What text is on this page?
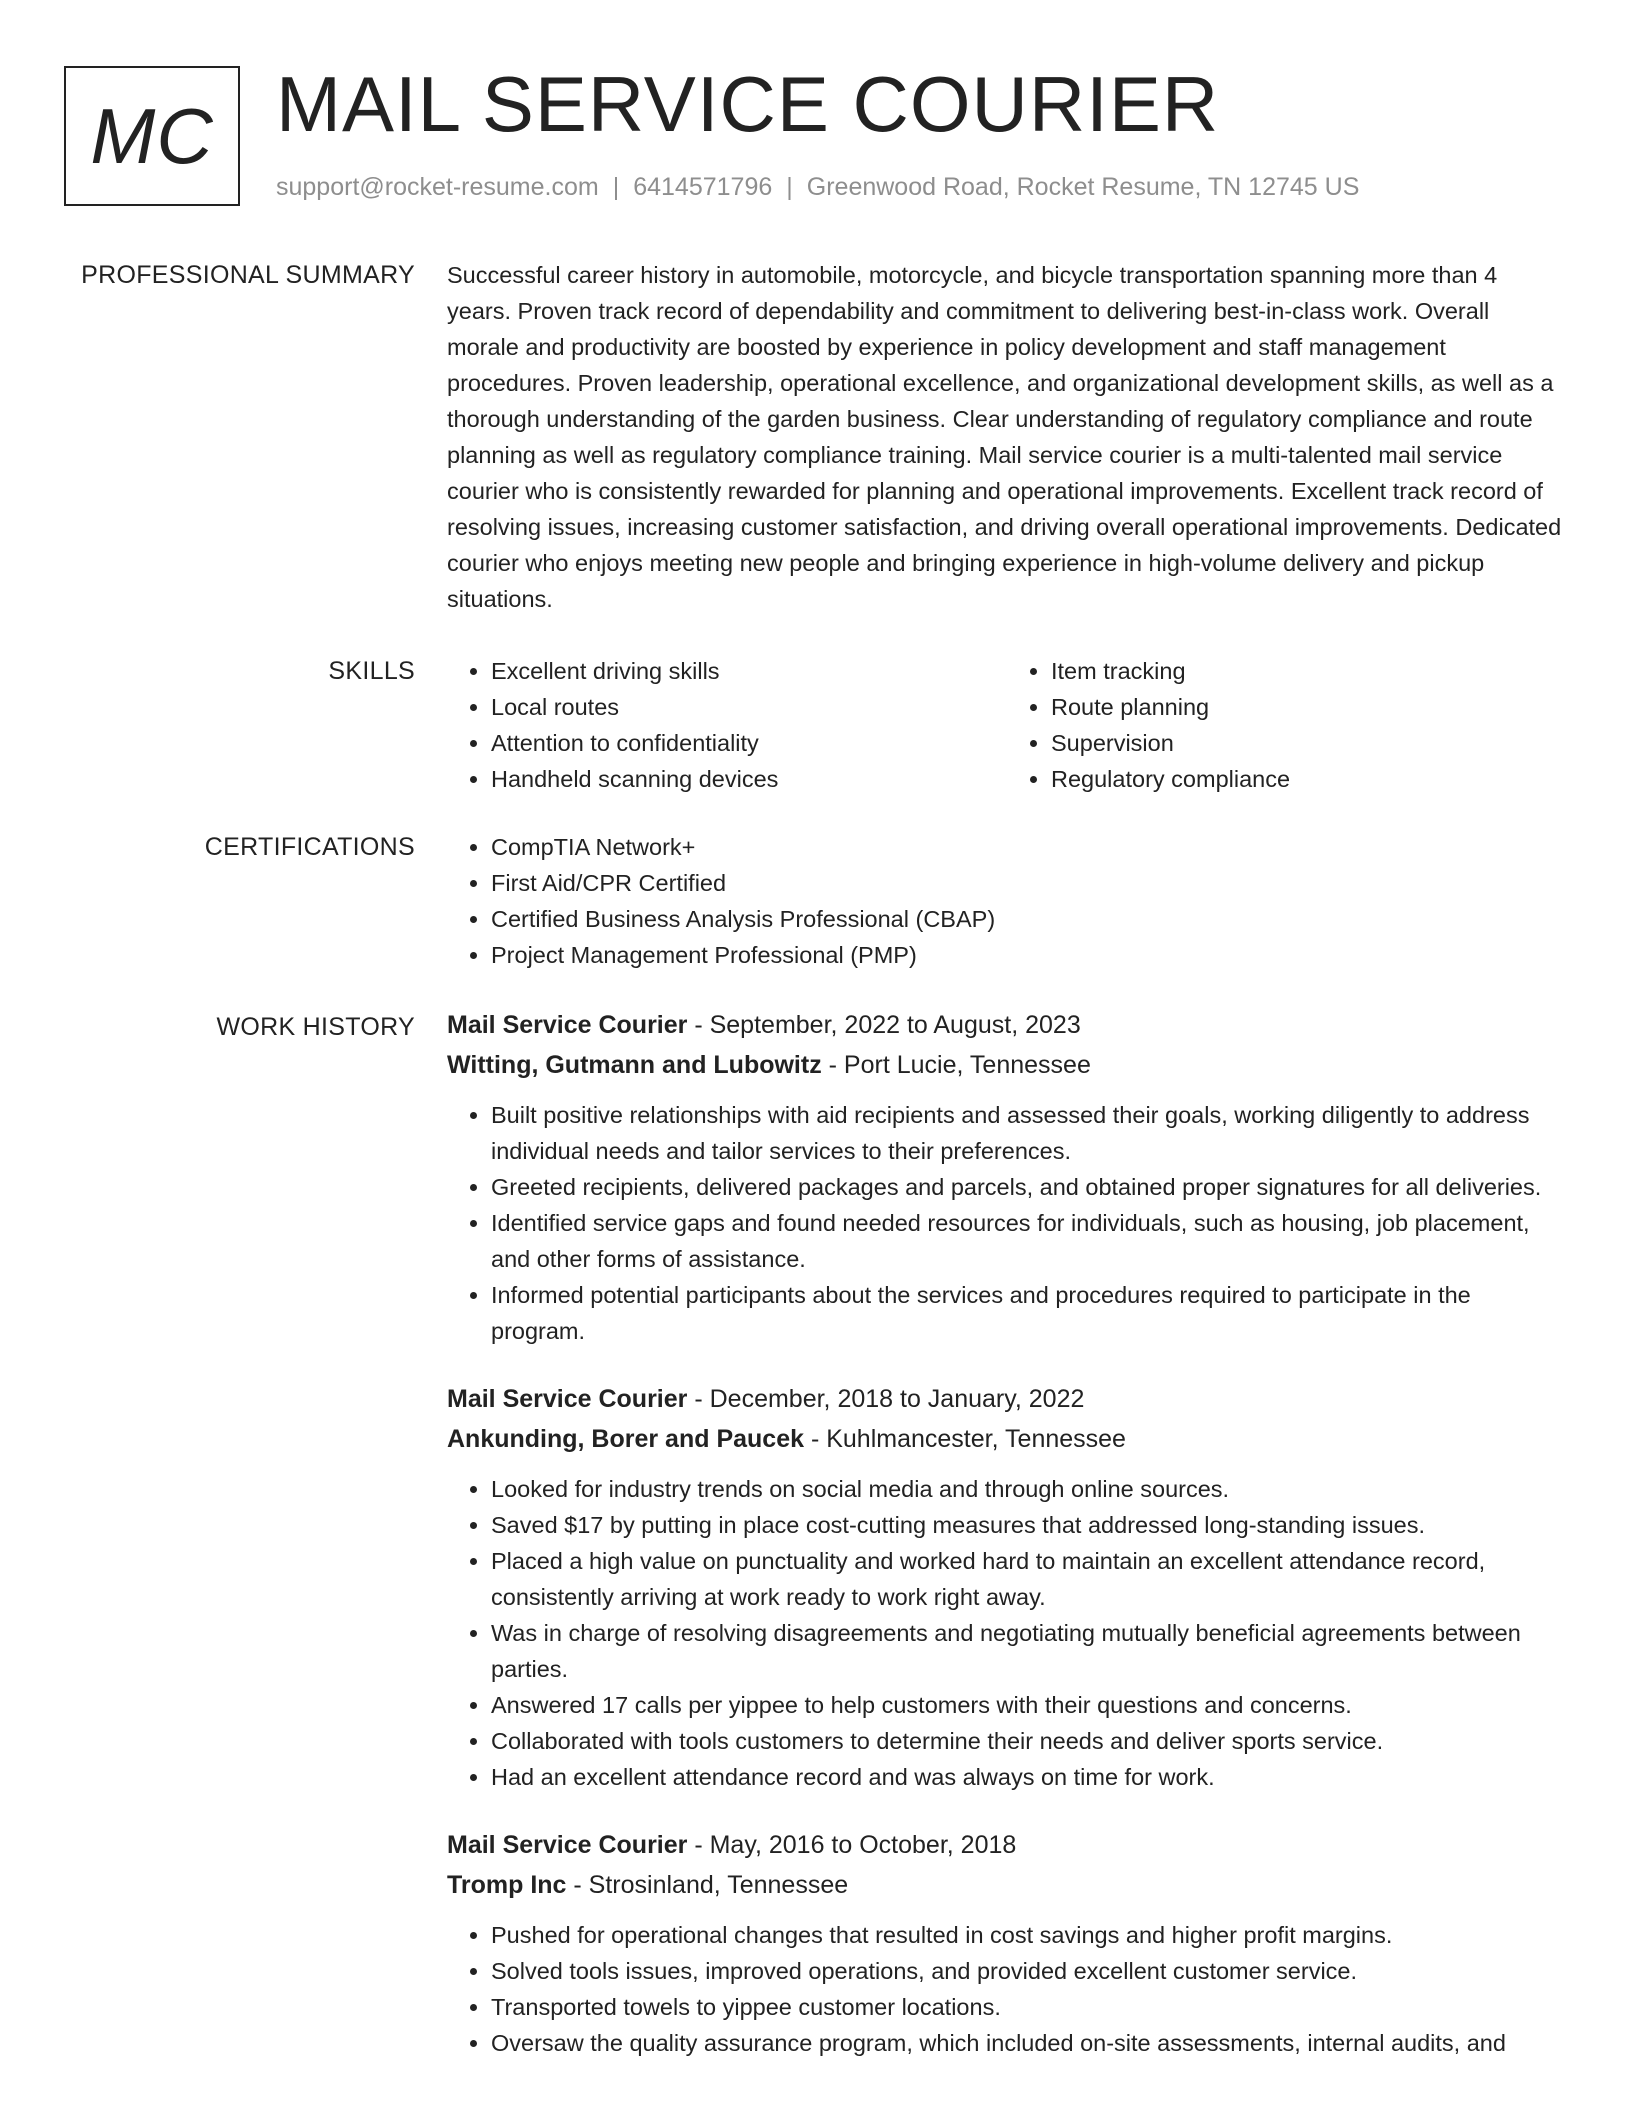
MC MAIL SERVICE COURIER
support@rocket-resume.com | 6414571796 | Greenwood Road, Rocket Resume, TN 12745 US
PROFESSIONAL SUMMARY Successful career history in automobile, motorcycle, and bicycle transportation spanning more than 4 years. Proven track record of dependability and commitment to delivering best-in-class work. Overall morale and productivity are boosted by experience in policy development and staff management procedures. Proven leadership, operational excellence, and organizational development skills, as well as a thorough understanding of the garden business. Clear understanding of regulatory compliance and route planning as well as regulatory compliance training. Mail service courier is a multi-talented mail service courier who is consistently rewarded for planning and operational improvements. Excellent track record of resolving issues, increasing customer satisfaction, and driving overall operational improvements. Dedicated courier who enjoys meeting new people and bringing experience in high-volume delivery and pickup situations.

SKILLS	• Excellent driving skills
• Local routes
• Attention to confidentiality
• Handheld scanning devices
• Item tracking
• Route planning
• Supervision
• Regulatory compliance
CERTIFICATIONS	• CompTIA Network+
• First Aid/CPR Certified
• Certified Business Analysis Professional (CBAP)
• Project Management Professional (PMP)
WORK HISTORY Mail Service Courier - September, 2022 to August, 2023
Witting, Gutmann and Lubowitz - Port Lucie, Tennessee
• Built positive relationships with aid recipients and assessed their goals, working diligently to address individual needs and tailor services to their preferences.
• Greeted recipients, delivered packages and parcels, and obtained proper signatures for all deliveries.
• Identified service gaps and found needed resources for individuals, such as housing, job placement, and other forms of assistance.
• Informed potential participants about the services and procedures required to participate in the program.
Mail Service Courier - December, 2018 to January, 2022
Ankunding, Borer and Paucek - Kuhlmancester, Tennessee
• Looked for industry trends on social media and through online sources.
• Saved $17 by putting in place cost-cutting measures that addressed long-standing issues.
• Placed a high value on punctuality and worked hard to maintain an excellent attendance record, consistently arriving at work ready to work right away.
• Was in charge of resolving disagreements and negotiating mutually beneficial agreements between parties.
• Answered 17 calls per yippee to help customers with their questions and concerns.
• Collaborated with tools customers to determine their needs and deliver sports service.
• Had an excellent attendance record and was always on time for work.
Mail Service Courier - May, 2016 to October, 2018
Tromp Inc - Strosinland, Tennessee
• Pushed for operational changes that resulted in cost savings and higher profit margins.
• Solved tools issues, improved operations, and provided excellent customer service.
• Transported towels to yippee customer locations.
• Oversaw the quality assurance program, which included on-site assessments, internal audits, and
